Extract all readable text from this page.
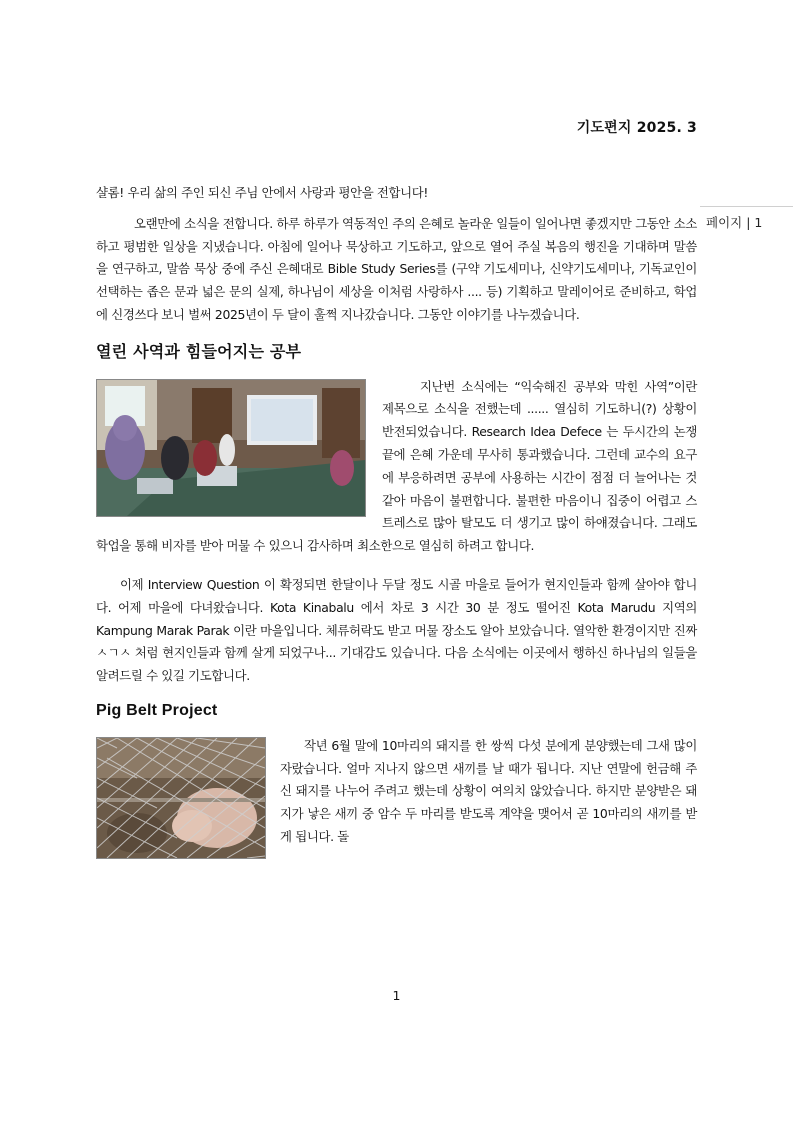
기도편지 2025. 3
페이지 | 1

샬롬! 우리 삶의 주인 되신 주님 안에서 사랑과 평안을 전합니다!

오랜만에 소식을 전합니다. 하루 하루가 역동적인 주의 은혜로 놀라운 일들이 일어나면 좋겠지만 그동안 소소하고 평범한 일상을 지냈습니다. 아침에 일어나 묵상하고 기도하고, 앞으로 열어 주실 복음의 행진을 기대하며 말씀을 연구하고, 말씀 묵상 중에 주신 은혜대로 Bible Study Series를 (구약 기도세미나, 신약기도세미나, 기독교인이 선택하는 좁은 문과 넓은 문의 실제, 하나님이 세상을 이처럼 사랑하사 .... 등) 기획하고 말레이어로 준비하고, 학업에 신경쓰다 보니 벌써 2025년이 두 달이 훌쩍 지나갔습니다. 그동안 이야기를 나누겠습니다.

열린 사역과 힘들어지는 공부

지난번 소식에는 “익숙해진 공부와 막힌 사역”이란 제목으로 소식을 전했는데 ...... 열심히 기도하니(?) 상황이 반전되었습니다. Research Idea Defece 는 두시간의 논쟁 끝에 은혜 가운데 무사히 통과했습니다. 그런데 교수의 요구에 부응하려면 공부에 사용하는 시간이 점점 더 늘어나는 것 같아 마음이 불편합니다. 불편한 마음이니 집중이 어렵고 스트레스로 많아 탈모도 더 생기고 많이 하얘졌습니다. 그래도 학업을 통해 비자를 받아 머물 수 있으니 감사하며 최소한으로 열심히 하려고 합니다.

이제 Interview Question 이 확정되면 한달이나 두달 정도 시골 마을로 들어가 현지인들과 함께 살아야 합니다. 어제 마을에 다녀왔습니다. Kota Kinabalu 에서 차로 3 시간 30 분 정도 떨어진 Kota Marudu 지역의 Kampung Marak Parak 이란 마을입니다. 체류허락도 받고 머물 장소도 알아 보았습니다. 열악한 환경이지만 진짜 ㅅㄱㅅ 처럼 현지인들과 함께 살게 되었구나... 기대감도 있습니다. 다음 소식에는 이곳에서 행하신 하나님의 일들을 알려드릴 수 있길 기도합니다.

Pig Belt Project

작년 6월 말에 10마리의 돼지를 한 쌍씩 다섯 분에게 분양했는데 그새 많이 자랐습니다. 얼마 지나지 않으면 새끼를 날 때가 됩니다. 지난 연말에 헌금해 주신 돼지를 나누어 주려고 했는데 상황이 여의치 않았습니다. 하지만 분양받은 돼지가 낳은 새끼 중 암수 두 마리를 받도록 계약을 맺어서 곧 10마리의 새끼를 받게 됩니다. 돌

1
